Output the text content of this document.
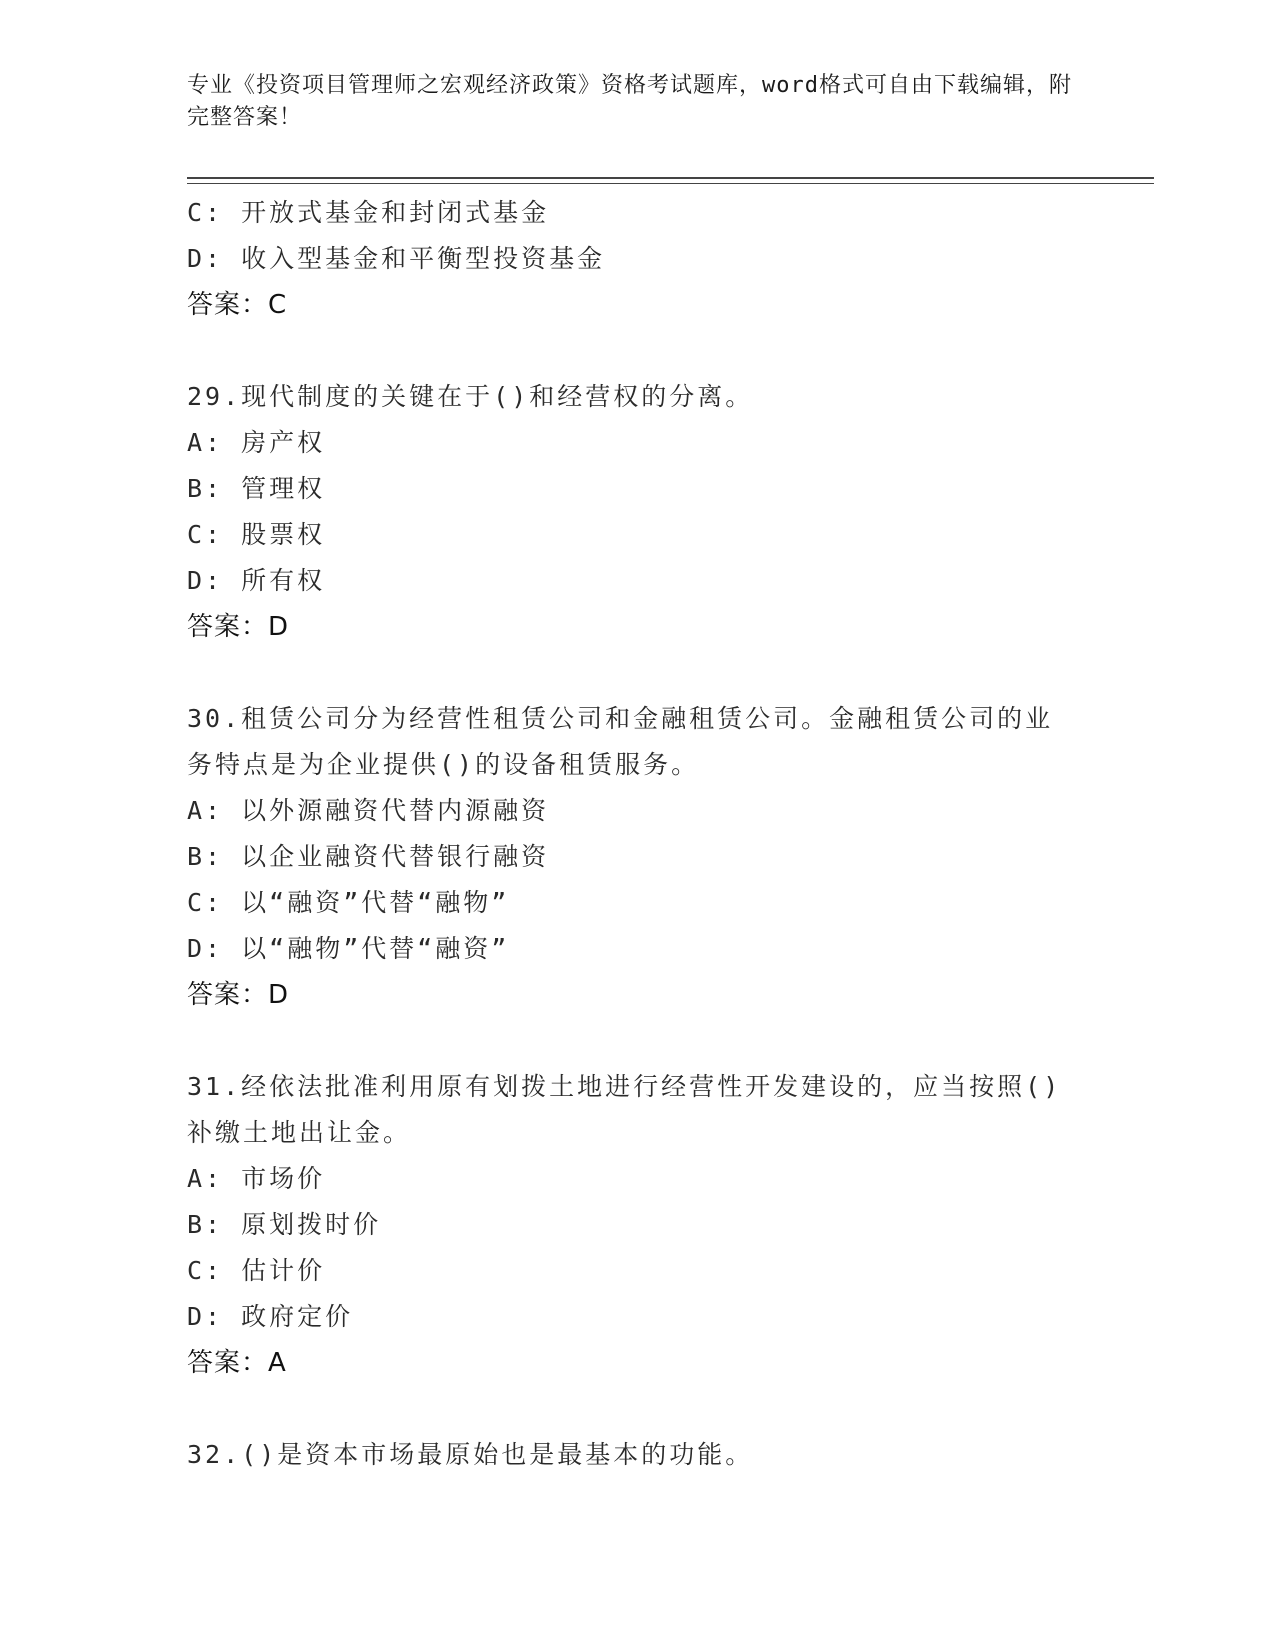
专业《投资项目管理师之宏观经济政策》资格考试题库，word格式可自由下载编辑，附完整答案！
C: 开放式基金和封闭式基金
D: 收入型基金和平衡型投资基金
答案：C
29.现代制度的关键在于()和经营权的分离。
A: 房产权
B: 管理权
C: 股票权
D: 所有权
答案：D
30.租赁公司分为经营性租赁公司和金融租赁公司。金融租赁公司的业
务特点是为企业提供()的设备租赁服务。
A: 以外源融资代替内源融资
B: 以企业融资代替银行融资
C: 以“融资”代替“融物”
D: 以“融物”代替“融资”
答案：D
31.经依法批准利用原有划拨土地进行经营性开发建设的，应当按照()
补缴土地出让金。
A: 市场价
B: 原划拨时价
C: 估计价
D: 政府定价
答案：A
32.()是资本市场最原始也是最基本的功能。
